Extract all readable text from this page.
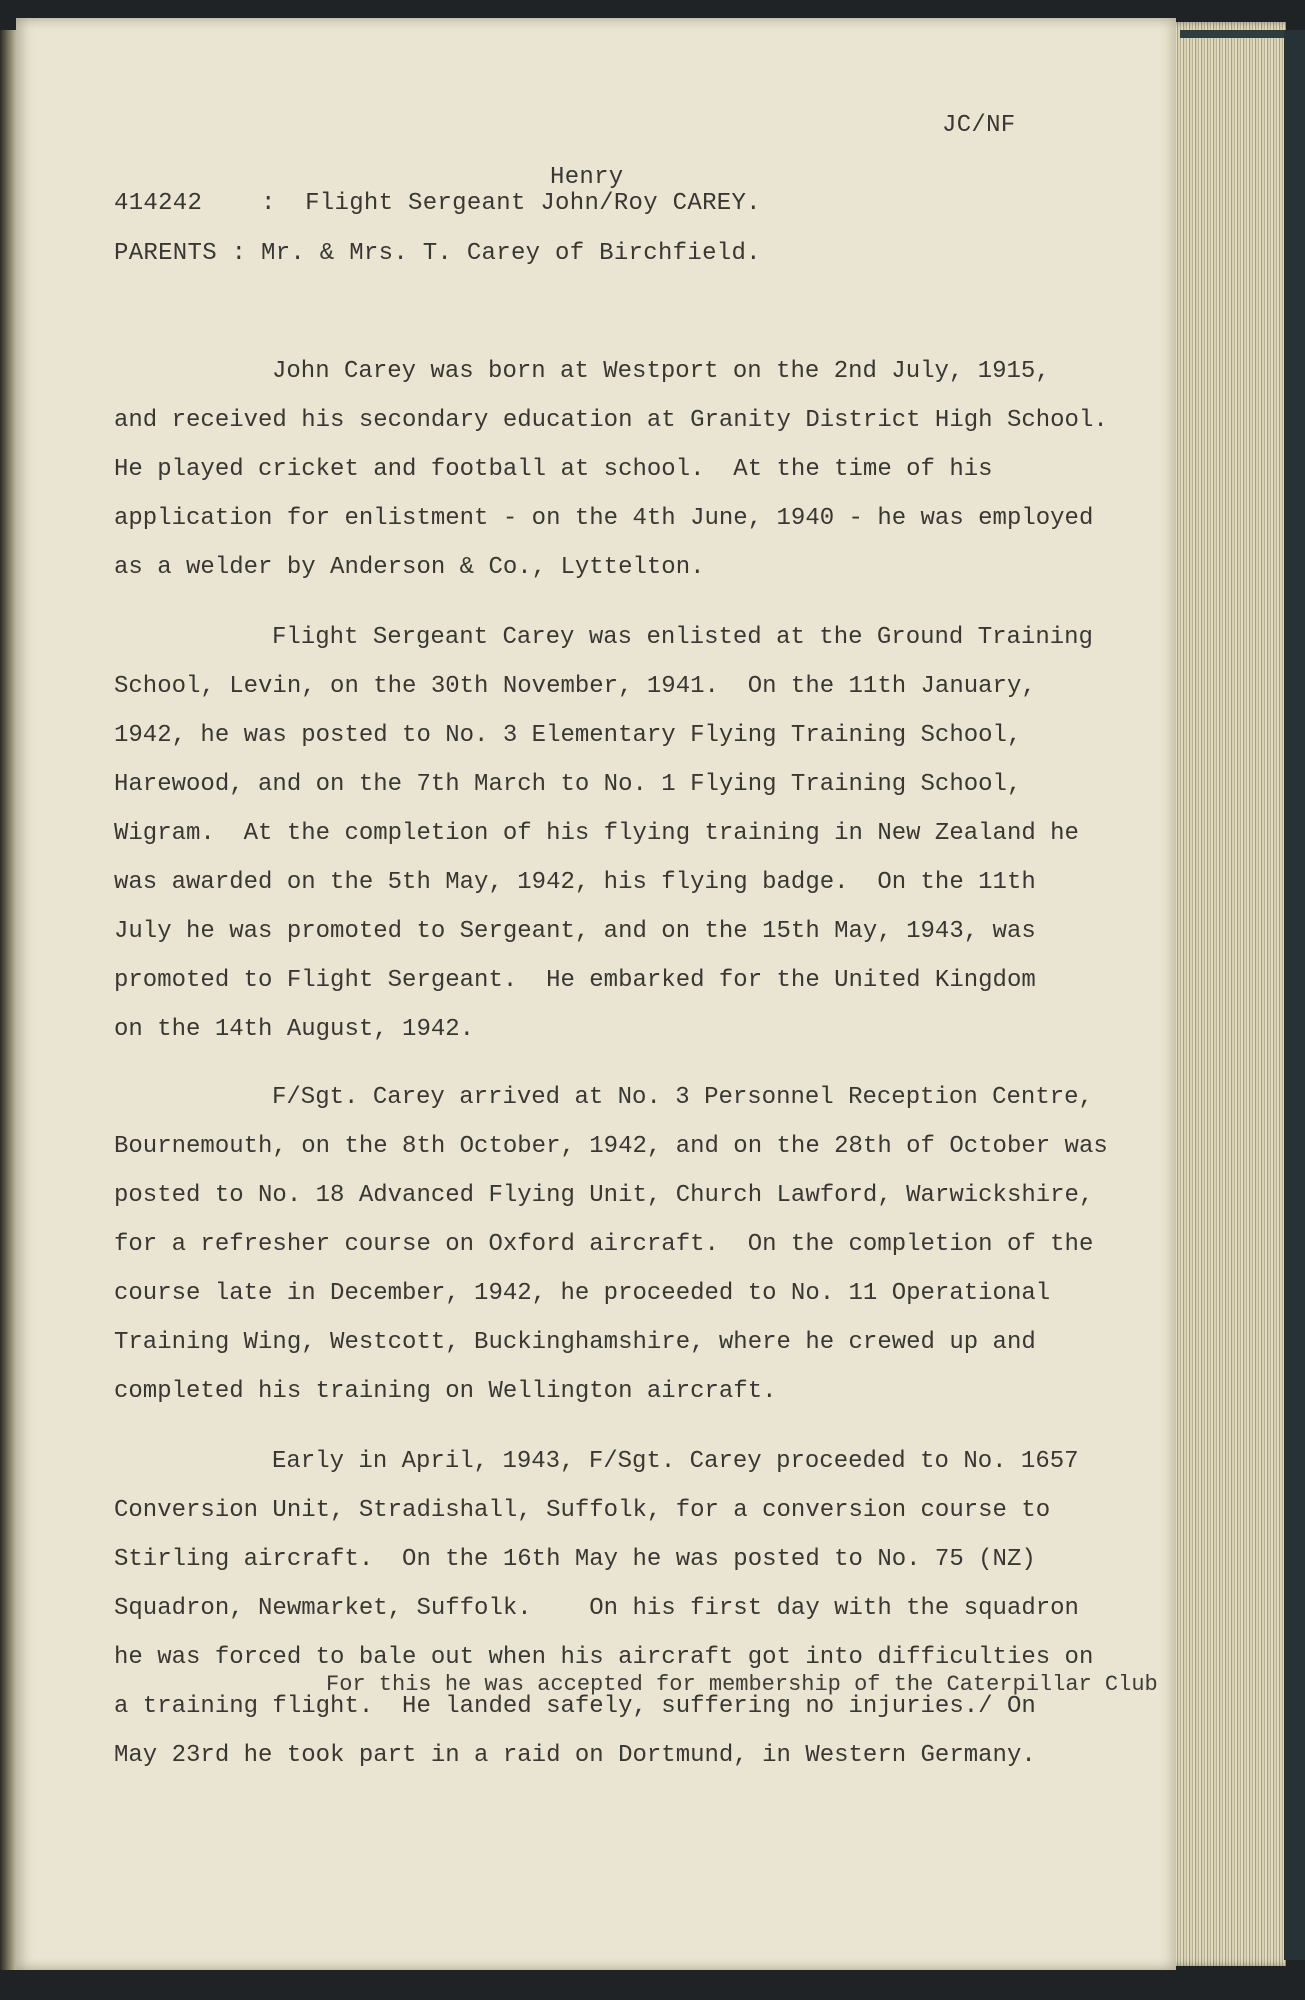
JC/NF
Henry
414242 :  Flight Sergeant John/Roy CAREY.
PARENTS : Mr. & Mrs. T. Carey of Birchfield.
John Carey was born at Westport on the 2nd July, 1915,
and received his secondary education at Granity District High School.
He played cricket and football at school.  At the time of his
application for enlistment - on the 4th June, 1940 - he was employed
as a welder by Anderson & Co., Lyttelton.
Flight Sergeant Carey was enlisted at the Ground Training
School, Levin, on the 30th November, 1941.  On the 11th January,
1942, he was posted to No. 3 Elementary Flying Training School,
Harewood, and on the 7th March to No. 1 Flying Training School,
Wigram.  At the completion of his flying training in New Zealand he
was awarded on the 5th May, 1942, his flying badge.  On the 11th
July he was promoted to Sergeant, and on the 15th May, 1943, was
promoted to Flight Sergeant.  He embarked for the United Kingdom
on the 14th August, 1942.
F/Sgt. Carey arrived at No. 3 Personnel Reception Centre,
Bournemouth, on the 8th October, 1942, and on the 28th of October was
posted to No. 18 Advanced Flying Unit, Church Lawford, Warwickshire,
for a refresher course on Oxford aircraft.  On the completion of the
course late in December, 1942, he proceeded to No. 11 Operational
Training Wing, Westcott, Buckinghamshire, where he crewed up and
completed his training on Wellington aircraft.
Early in April, 1943, F/Sgt. Carey proceeded to No. 1657
Conversion Unit, Stradishall, Suffolk, for a conversion course to
Stirling aircraft.  On the 16th May he was posted to No. 75 (NZ)
Squadron, Newmarket, Suffolk.    On his first day with the squadron
he was forced to bale out when his aircraft got into difficulties on
a training flight.  He landed safely, suffering no injuries./ On
May 23rd he took part in a raid on Dortmund, in Western Germany.
For this he was accepted for membership of the Caterpillar Club
